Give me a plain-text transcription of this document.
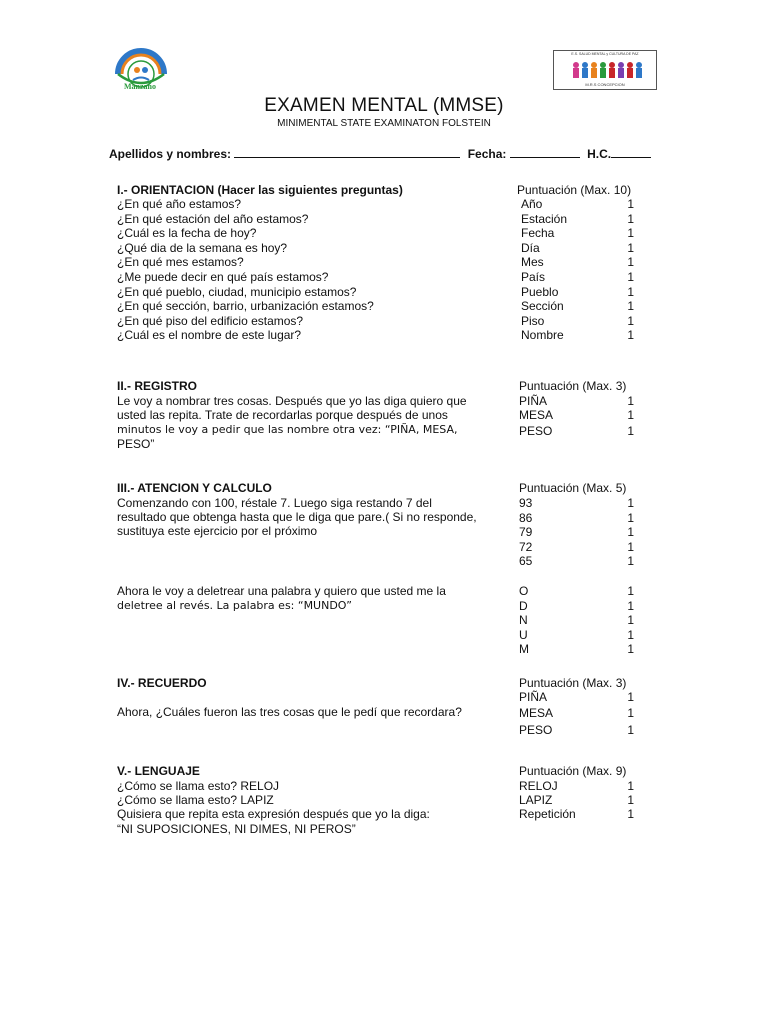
Manzano
E.S. SALUD MENTAL y CULTURA DE PAZ
M.R.S CONCEPCION
EXAMEN MENTAL (MMSE)
MINIMENTAL STATE EXAMINATON FOLSTEIN
Apellidos y nombres:	Fecha:	H.C.
I.- ORIENTACION (Hacer las siguientes preguntas)	Puntuación (Max. 10)
¿En qué año estamos?	Año	1
¿En qué estación del año estamos?	Estación	1
¿Cuál es la fecha de hoy?	Fecha	1
¿Qué dia de la semana es hoy?	Día	1
¿En qué mes estamos?	Mes	1
¿Me puede decir en qué país estamos?	País	1
¿En qué pueblo, ciudad, municipio estamos?	Pueblo	1
¿En qué sección, barrio, urbanización estamos?	Sección	1
¿En qué piso del edificio estamos?	Piso	1
¿Cuál es el nombre de este lugar?	Nombre	1
II.- REGISTRO	Puntuación (Max. 3)
Le voy a nombrar tres cosas. Después que yo las diga quiero que
usted las repita. Trate de recordarlas porque después de unos
minutos le voy a pedir que las nombre otra vez: “PIÑA, MESA,
PESO”
PIÑA	1
MESA	1
PESO	1
III.- ATENCION Y CALCULO	Puntuación (Max. 5)
Comenzando con 100, réstale 7. Luego siga restando 7 del
resultado que obtenga hasta que le diga que pare.( Si no responde,
sustituya este ejercicio por el próximo
93	1
86	1
79	1
72	1
65	1
Ahora le voy a deletrear una palabra y quiero que usted me la
deletree al revés. La palabra es: “MUNDO”
O	1
D	1
N	1
U	1
M	1
IV.- RECUERDO	Puntuación (Max. 3)
Ahora, ¿Cuáles fueron las tres cosas que le pedí que recordara?
PIÑA	1
MESA	1
PESO	1
V.- LENGUAJE	Puntuación (Max. 9)
¿Cómo se llama esto? RELOJ
¿Cómo se llama esto? LAPIZ
Quisiera que repita esta expresión después que yo la diga:
“NI SUPOSICIONES, NI DIMES, NI PEROS”
RELOJ	1
LAPIZ	1
Repetición	1
